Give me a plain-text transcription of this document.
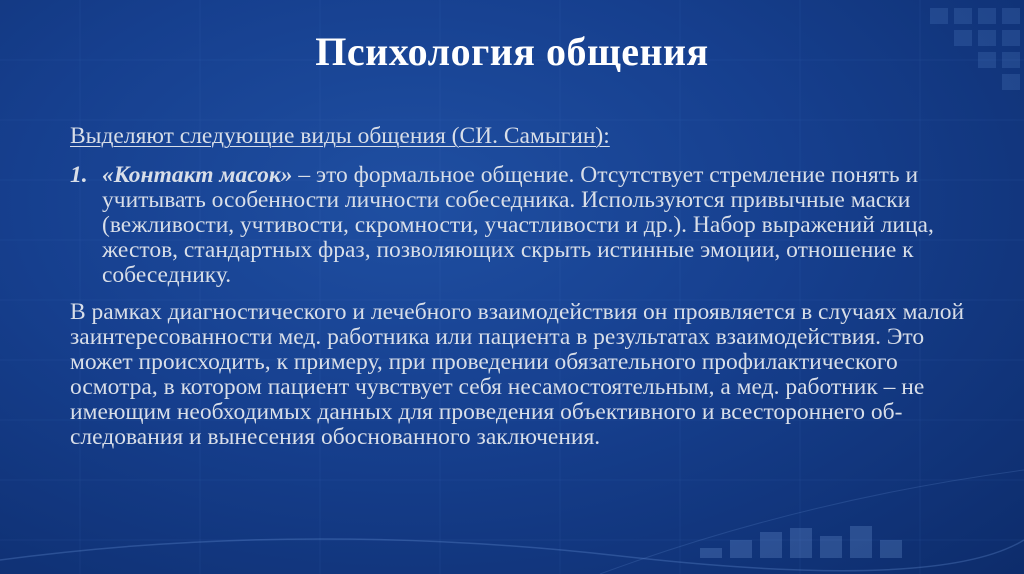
Психология общения

Выделяют следующие виды общения (СИ. Самыгин):

1. «Контакт масок» – это формальное общение. Отсутствует стремление понять и учитывать особенности личности собеседника. Используются привычные маски (вежливости, учтивости, скромности, участливости и др.). Набор выражений лица, жестов, стандартных фраз, позволяющих скрыть истинные эмоции, отношение к собеседнику.

В рамках диагностического и лечебного взаимодействия он проявляется в случаях малой заинтересованности мед. работника или пациента в результатах взаимодействия. Это может происходить, к примеру, при проведении обязательного профилактического осмотра, в котором пациент чувствует себя несамостоятельным, а мед. работник – не имеющим необходимых данных для проведения объективного и всестороннего об-следования и вынесения обоснованного заключения.
